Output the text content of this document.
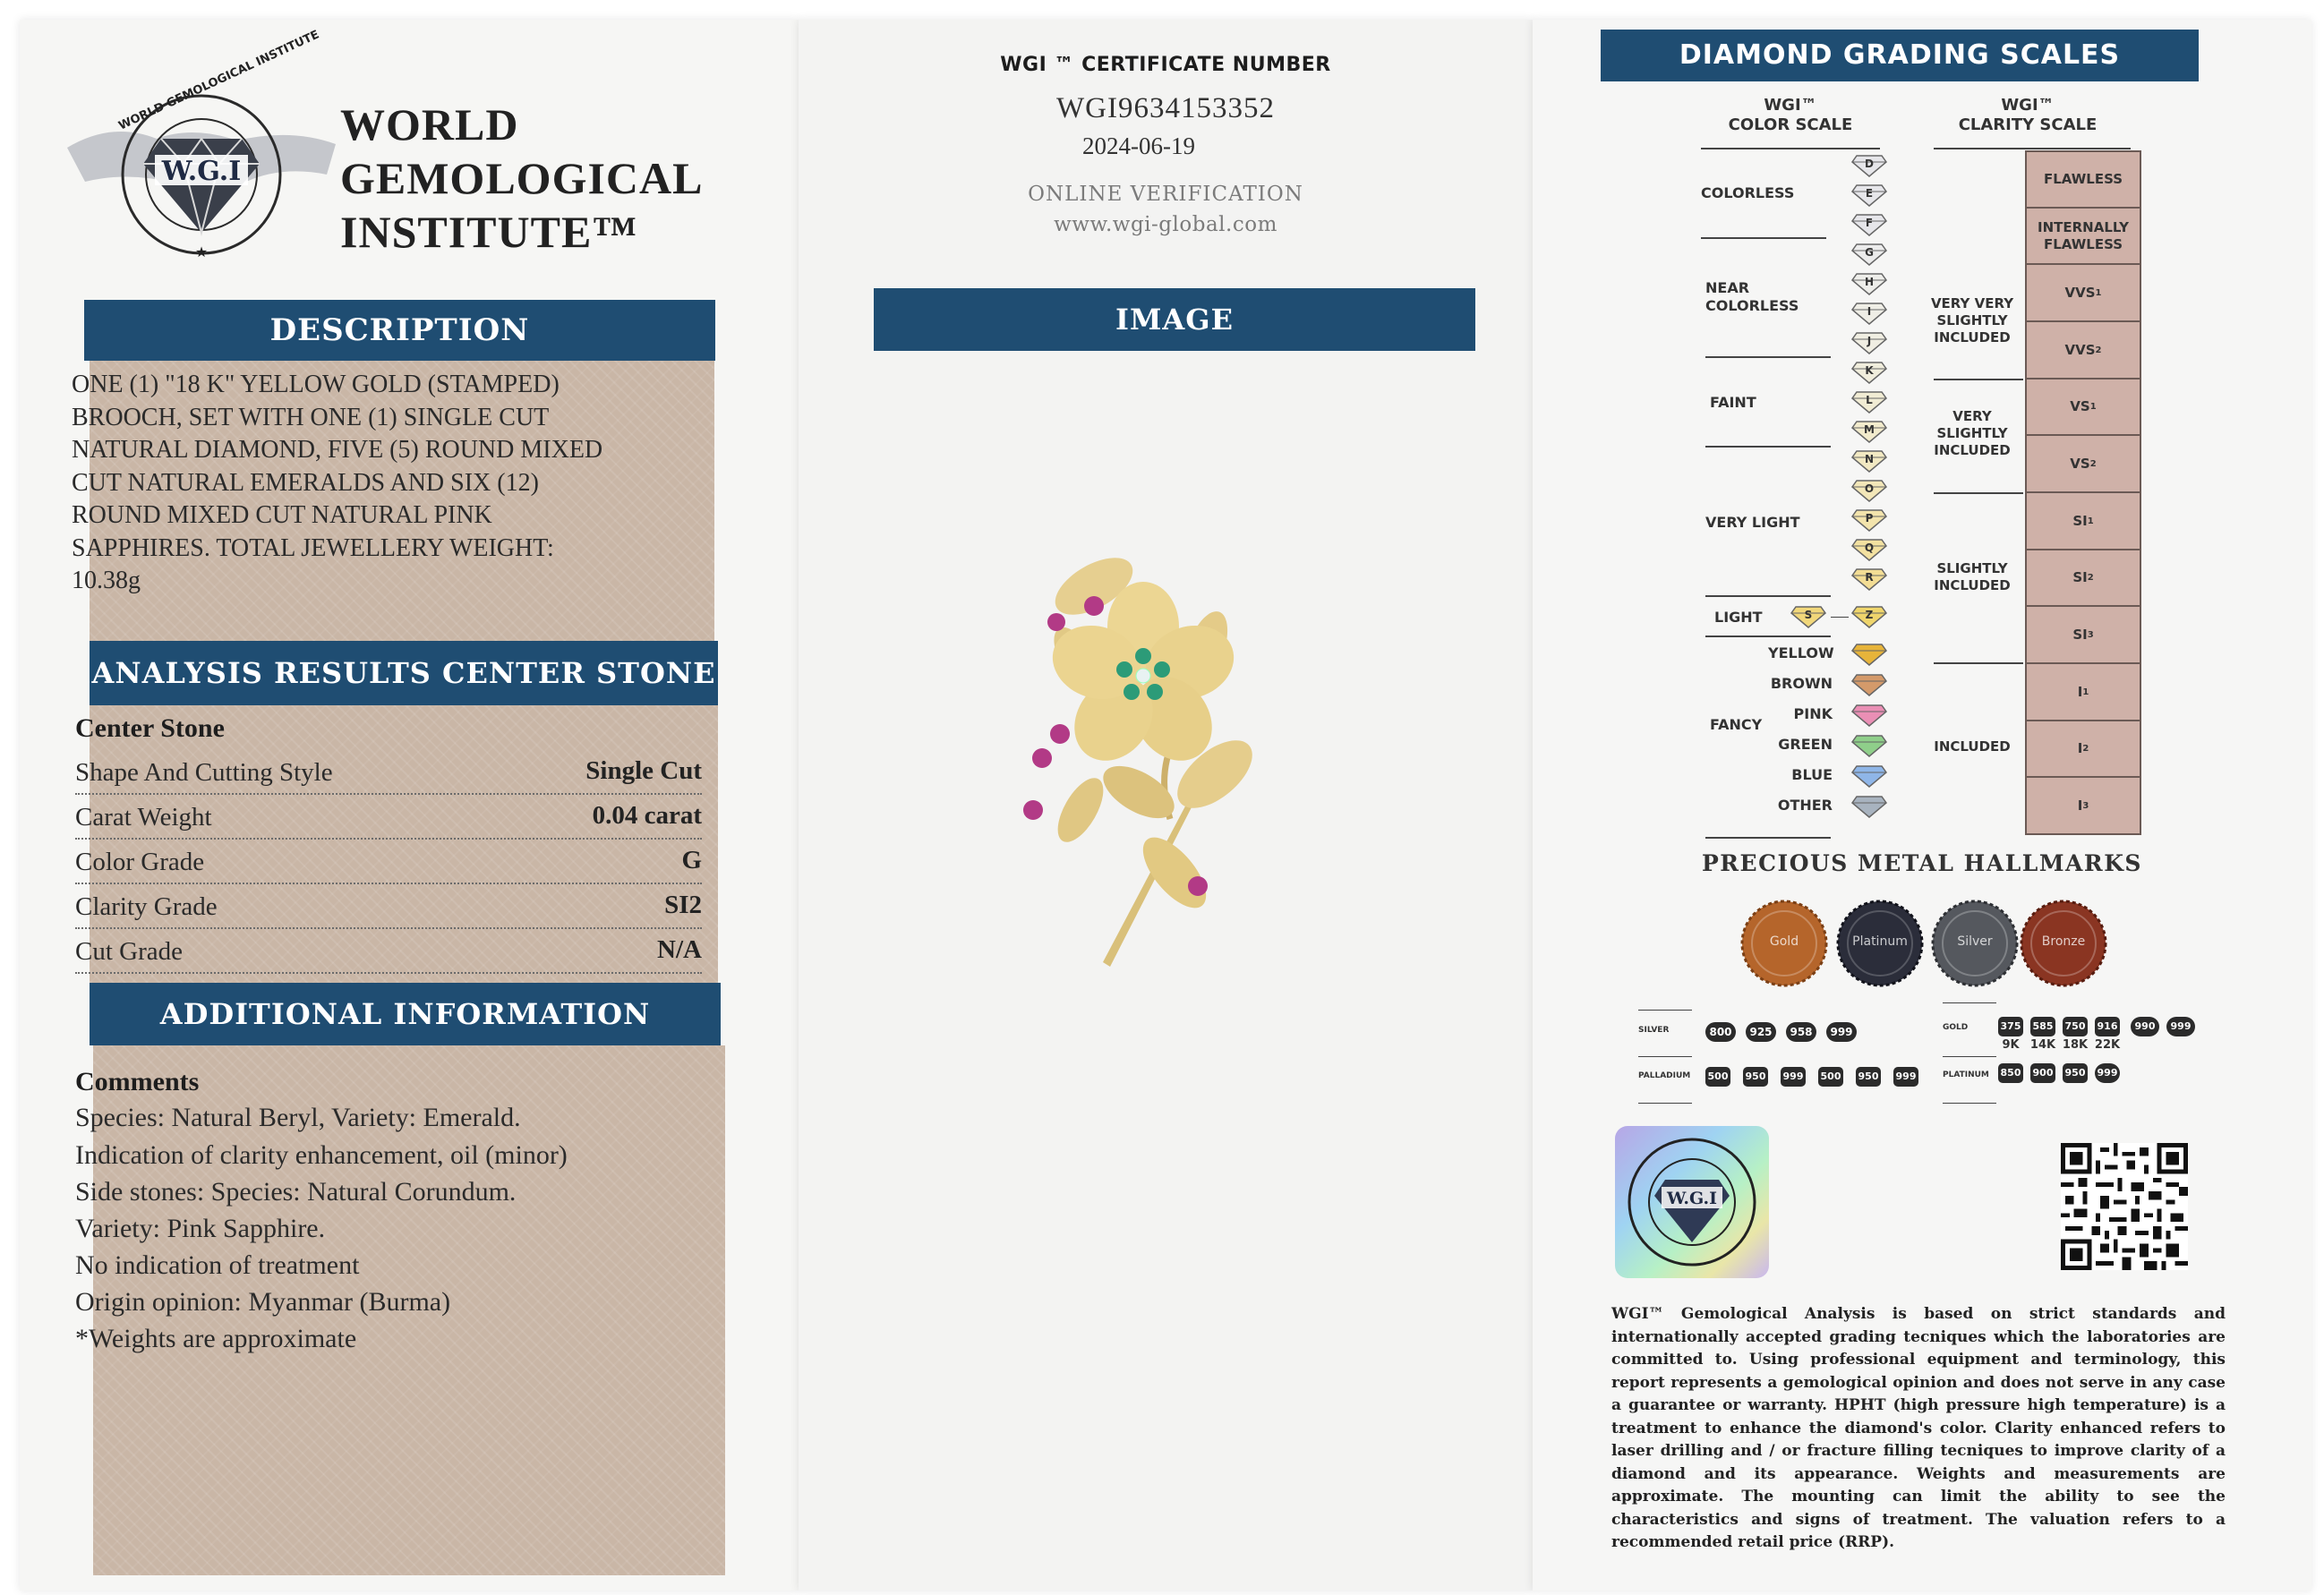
W.G.I
★
WORLD GEMOLOGICAL INSTITUTE WORLD
GEMOLOGICAL
INSTITUTE™
DESCRIPTION
ONE (1) "18 K" YELLOW GOLD (STAMPED)
BROOCH, SET WITH ONE (1) SINGLE CUT
NATURAL DIAMOND, FIVE (5) ROUND MIXED
CUT NATURAL EMERALDS AND SIX (12)
ROUND MIXED CUT NATURAL PINK
SAPPHIRES. TOTAL JEWELLERY WEIGHT:
10.38g
ANALYSIS RESULTS CENTER STONE
Center Stone
Shape And Cutting Style	Single Cut
Carat Weight	0.04 carat
Color Grade	G
Clarity Grade	SI2
Cut Grade	N/A
ADDITIONAL INFORMATION
Comments
Species: Natural Beryl, Variety: Emerald.
Indication of clarity enhancement, oil (minor)
Side stones: Species: Natural Corundum.
Variety: Pink Sapphire.
No indication of treatment
Origin opinion: Myanmar (Burma)
*Weights are approximate
WGI ™ CERTIFICATE NUMBER
WGI9634153352
2024-06-19
ONLINE VERIFICATION
www.wgi-global.com
IMAGE
DIAMOND GRADING SCALES
WGI™
COLOR SCALE
WGI™
CLARITY SCALE
COLORLESS
NEAR
COLORLESS
FAINT
VERY LIGHT
LIGHT
FANCY
D
E
F
G
H
I
J
K
L
M
N
O
P
Q
R
S	Z
YELLOW
BROWN
PINK
GREEN
BLUE
OTHER
VERY VERY
SLIGHTLY
INCLUDED
VERY
SLIGHTLY
INCLUDED
SLIGHTLY
INCLUDED
INCLUDED
FLAWLESS
INTERNALLY FLAWLESS
VVS 1
VVS 2
VS 1
VS 2
SI 1
SI 2
SI 3
I 1
I 2
I 3
PRECIOUS METAL HALLMARKS
Gold	Platinum	Silver	Bronze
SILVER	800	925	958	999
PALLADIUM 500 950 999 500 950 999
GOLD	375 585 750 916	990	999
9K 14K 18K 22K
PLATINUM 850 900 950 999
W.G.I
WGI™ Gemological Analysis is based on strict standards and internationally accepted grading tecniques which the laboratories are committed to. Using professional equipment and terminology, this report represents a gemological opinion and does not serve in any case a guarantee or warranty. HPHT (high pressure high temperature) is a treatment to enhance the diamond's color. Clarity enhanced refers to laser drilling and / or fracture filling tecniques to improve clarity of a diamond and its appearance. Weights and measurements are approximate. The mounting can limit the ability to see the characteristics and signs of treatment. The valuation refers to a recommended retail price (RRP).
